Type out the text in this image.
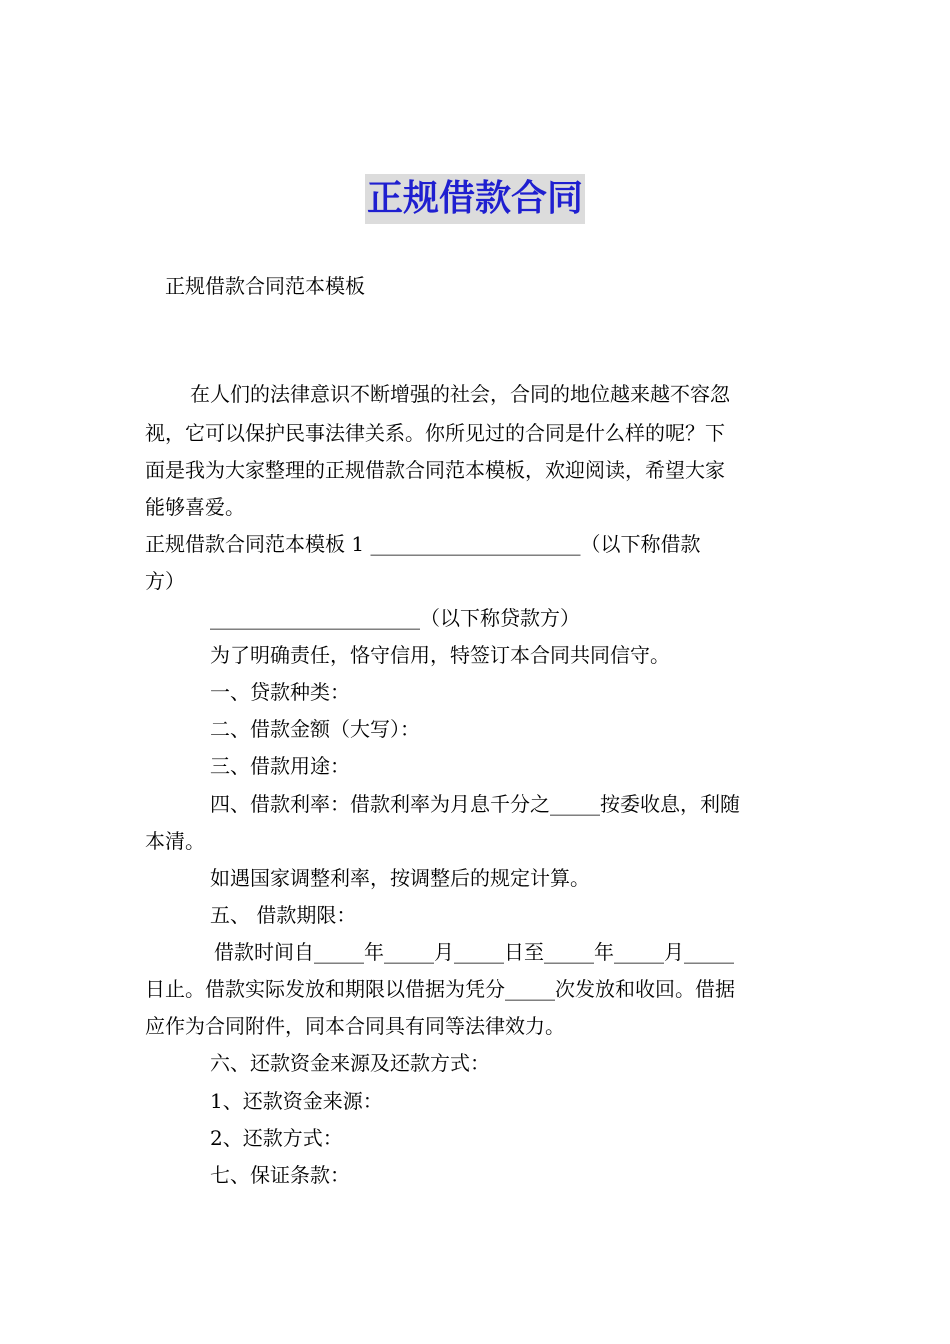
正规借款合同
正规借款合同范本模板
在人们的法律意识不断增强的社会，合同的地位越来越不容忽
视，它可以保护民事法律关系。你所见过的合同是什么样的呢？下
面是我为大家整理的正规借款合同范本模板，欢迎阅读，希望大家
能够喜爱。
正规借款合同范本模板 1 _____________________（以下称借款
方）
_____________________（以下称贷款方）
为了明确责任，恪守信用，特签订本合同共同信守。
一、贷款种类：
二、借款金额（大写）：
三、借款用途：
四、借款利率：借款利率为月息千分之_____按委收息，利随
本清。
如遇国家调整利率，按调整后的规定计算。
五、 借款期限：
借款时间自_____年_____月_____日至_____年_____月_____
日止。借款实际发放和期限以借据为凭分_____次发放和收回。借据
应作为合同附件，同本合同具有同等法律效力。
六、还款资金来源及还款方式：
1、还款资金来源：
2、还款方式：
七、保证条款：
